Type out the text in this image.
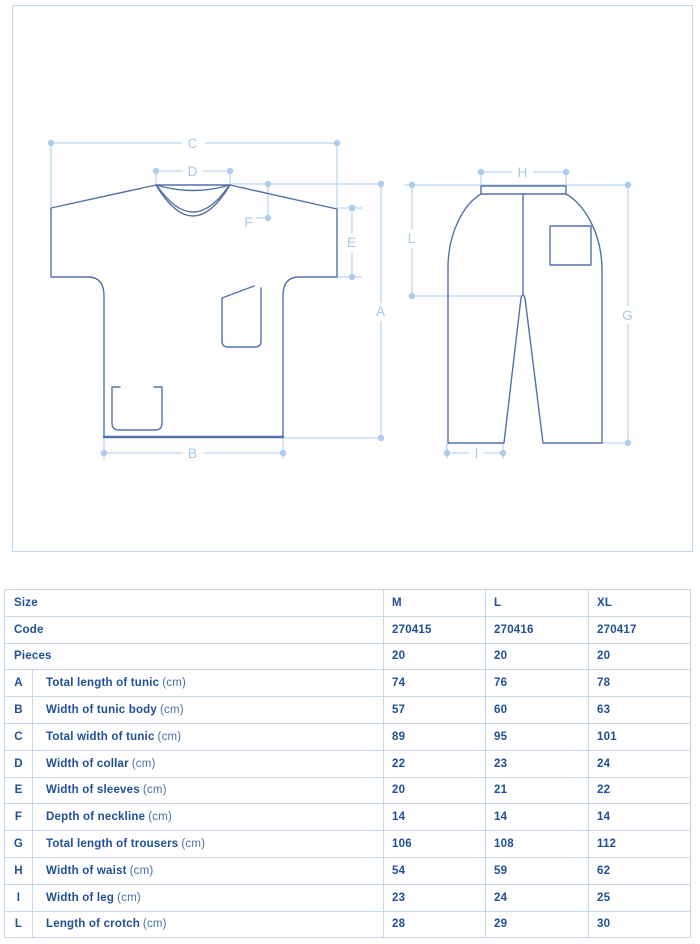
C
D
F
E
A
B
H
L
G
I
Size		M	L	XL
Code		270415	270416	270417
Pieces		20	20	20
A	Total length of tunic (cm)	74	76	78
B	Width of tunic body (cm)	57	60	63
C	Total width of tunic (cm)	89	95	101
D	Width of collar (cm)	22	23	24
E	Width of sleeves (cm)	20	21	22
F	Depth of neckline (cm)	14	14	14
G	Total length of trousers (cm)	106	108	112
H	Width of waist (cm)	54	59	62
I	Width of leg (cm)	23	24	25
L	Length of crotch (cm)	28	29	30
